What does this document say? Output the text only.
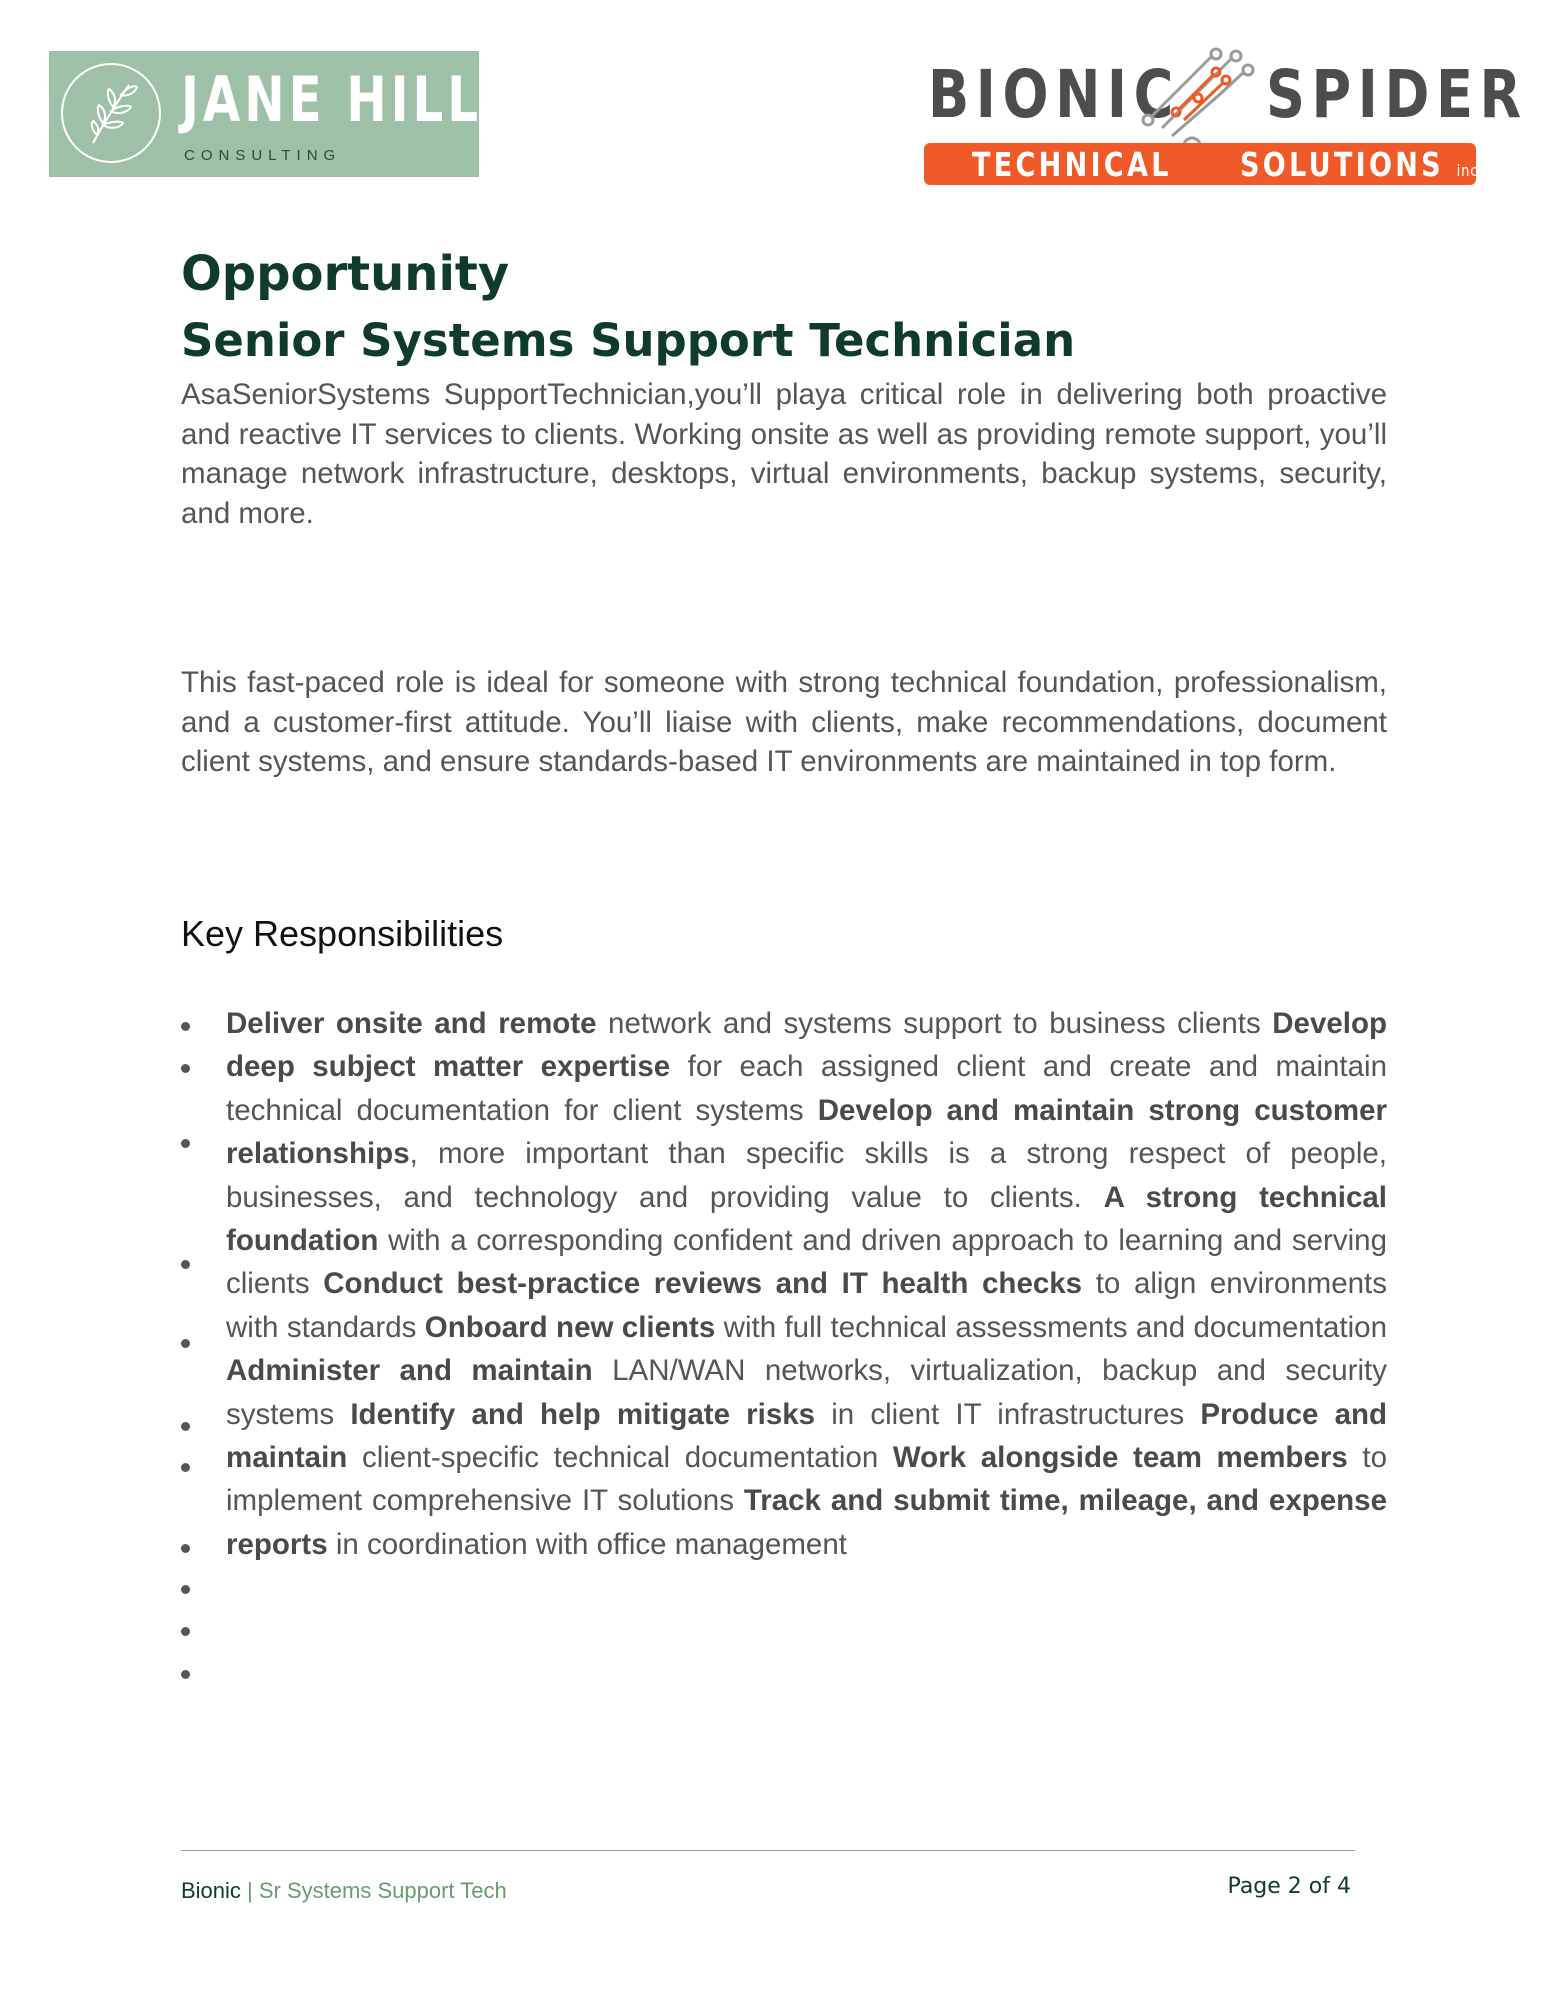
JANE HILL
CONSULTING
BIONIC SPIDER
TECHNICAL SOLUTIONS inc.
Opportunity
Senior Systems Support Technician

AsaSeniorSystems SupportTechnician,you’ll playa critical role in delivering both proactive and reactive IT services to clients. Working onsite as well as providing remote support, you’ll manage network infrastructure, desktops, virtual environments, backup systems, security, and more.

This fast-paced role is ideal for someone with strong technical foundation, professionalism, and a customer-first attitude. You’ll liaise with clients, make recommendations, document client systems, and ensure standards-based IT environments are maintained in top form.

Key Responsibilities

Deliver onsite and remote network and systems support to business clients Develop deep subject matter expertise for each assigned client and create and maintain technical documentation for client systems Develop and maintain strong customer relationships, more important than specific skills is a strong respect of people, businesses, and technology and providing value to clients. A strong technical foundation with a corresponding confident and driven approach to learning and serving clients Conduct best-practice reviews and IT health checks to align environments with standards Onboard new clients with full technical assessments and documentation Administer and maintain LAN/WAN networks, virtualization, backup and security systems Identify and help mitigate risks in client IT infrastructures Produce and maintain client-specific technical documentation Work alongside team members to implement comprehensive IT solutions Track and submit time, mileage, and expense reports in coordination with office management

Bionic | Sr Systems Support Tech	Page 2 of 4
